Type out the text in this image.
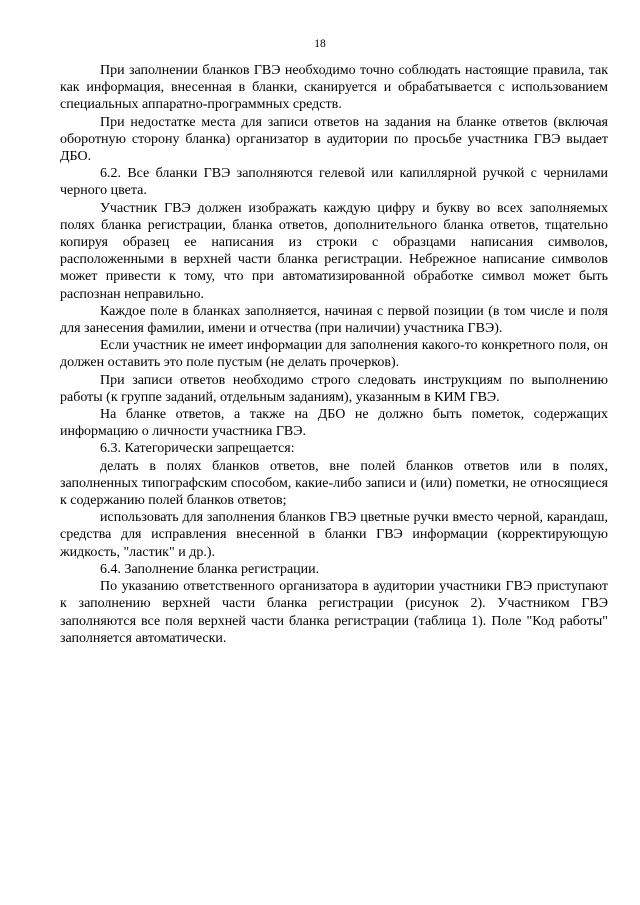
18

При заполнении бланков ГВЭ необходимо точно соблюдать настоящие правила, так как информация, внесенная в бланки, сканируется и обрабатывается с использованием специальных аппаратно-программных средств.

При недостатке места для записи ответов на задания на бланке ответов (включая оборотную сторону бланка) организатор в аудитории по просьбе участника ГВЭ выдает ДБО.

6.2. Все бланки ГВЭ заполняются гелевой или капиллярной ручкой с чернилами черного цвета.

Участник ГВЭ должен изображать каждую цифру и букву во всех заполняемых полях бланка регистрации, бланка ответов, дополнительного бланка ответов, тщательно копируя образец ее написания из строки с образцами написания символов, расположенными в верхней части бланка регистрации. Небрежное написание символов может привести к тому, что при автоматизированной обработке символ может быть распознан неправильно.

Каждое поле в бланках заполняется, начиная с первой позиции (в том числе и поля для занесения фамилии, имени и отчества (при наличии) участника ГВЭ).

Если участник не имеет информации для заполнения какого-то конкретного поля, он должен оставить это поле пустым (не делать прочерков).

При записи ответов необходимо строго следовать инструкциям по выполнению работы (к группе заданий, отдельным заданиям), указанным в КИМ ГВЭ.

На бланке ответов, а также на ДБО не должно быть пометок, содержащих информацию о личности участника ГВЭ.

6.3. Категорически запрещается:

делать в полях бланков ответов, вне полей бланков ответов или в полях, заполненных типографским способом, какие-либо записи и (или) пометки, не относящиеся к содержанию полей бланков ответов;

использовать для заполнения бланков ГВЭ цветные ручки вместо черной, карандаш, средства для исправления внесенной в бланки ГВЭ информации (корректирующую жидкость, "ластик" и др.).

6.4. Заполнение бланка регистрации.

По указанию ответственного организатора в аудитории участники ГВЭ приступают к заполнению верхней части бланка регистрации (рисунок 2). Участником ГВЭ заполняются все поля верхней части бланка регистрации (таблица 1). Поле "Код работы" заполняется автоматически.
